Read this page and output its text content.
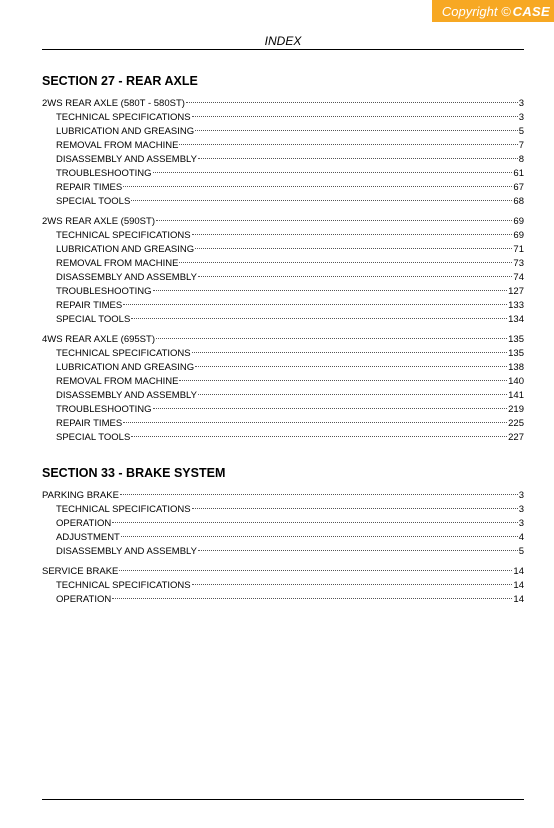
Copyright © CASE
INDEX
SECTION 27 - REAR AXLE
2WS REAR AXLE (580T - 580ST)	3
TECHNICAL SPECIFICATIONS	3
LUBRICATION AND GREASING	5
REMOVAL FROM MACHINE	7
DISASSEMBLY AND ASSEMBLY	8
TROUBLESHOOTING	61
REPAIR TIMES	67
SPECIAL TOOLS	68
2WS REAR AXLE (590ST)	69
TECHNICAL SPECIFICATIONS	69
LUBRICATION AND GREASING	71
REMOVAL FROM MACHINE	73
DISASSEMBLY AND ASSEMBLY	74
TROUBLESHOOTING	127
REPAIR TIMES	133
SPECIAL TOOLS	134
4WS REAR AXLE (695ST)	135
TECHNICAL SPECIFICATIONS	135
LUBRICATION AND GREASING	138
REMOVAL FROM MACHINE	140
DISASSEMBLY AND ASSEMBLY	141
TROUBLESHOOTING	219
REPAIR TIMES	225
SPECIAL TOOLS	227
SECTION 33 - BRAKE SYSTEM
PARKING BRAKE	3
TECHNICAL SPECIFICATIONS	3
OPERATION	3
ADJUSTMENT	4
DISASSEMBLY AND ASSEMBLY	5
SERVICE BRAKE	14
TECHNICAL SPECIFICATIONS	14
OPERATION	14
